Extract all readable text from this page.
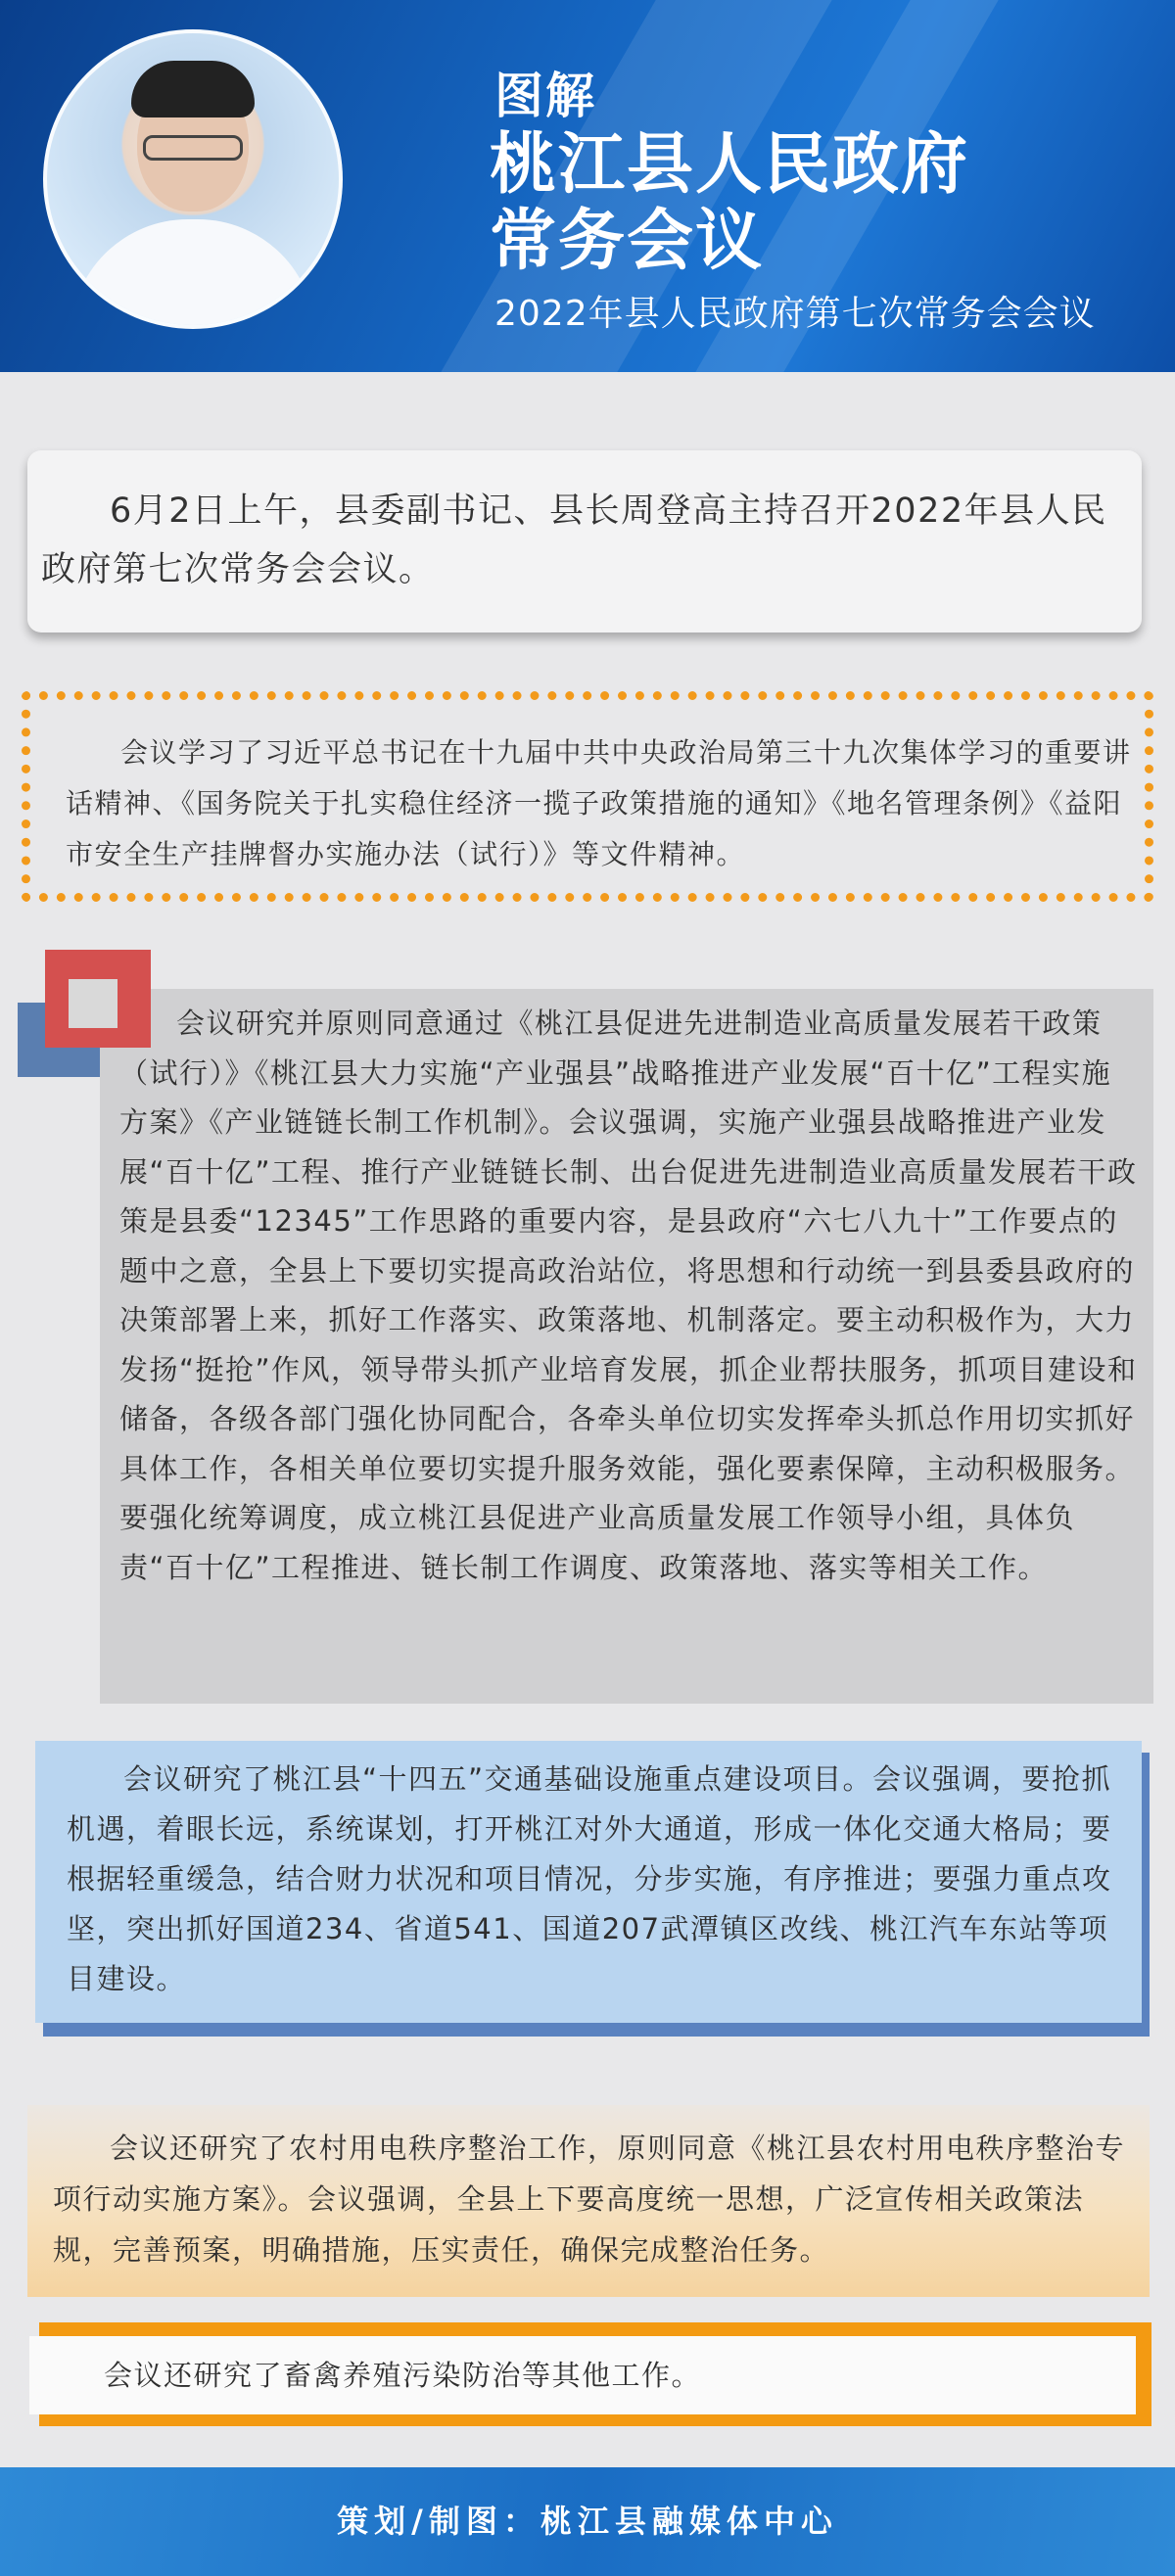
图解
桃江县人民政府
常务会议
2022年县人民政府第七次常务会会议

6月2日上午，县委副书记、县长周登高主持召开2022年县人民政府第七次常务会会议。

会议学习了习近平总书记在十九届中共中央政治局第三十九次集体学习的重要讲话精神、《国务院关于扎实稳住经济一揽子政策措施的通知》《地名管理条例》《益阳市安全生产挂牌督办实施办法（试行）》等文件精神。

会议研究并原则同意通过《桃江县促进先进制造业高质量发展若干政策（试行）》《桃江县大力实施“产业强县”战略推进产业发展“百十亿”工程实施方案》《产业链链长制工作机制》。会议强调，实施产业强县战略推进产业发展“百十亿”工程、推行产业链链长制、出台促进先进制造业高质量发展若干政策是县委“12345”工作思路的重要内容，是县政府“六七八九十”工作要点的题中之意，全县上下要切实提高政治站位，将思想和行动统一到县委县政府的决策部署上来，抓好工作落实、政策落地、机制落定。要主动积极作为，大力发扬“挺抢”作风，领导带头抓产业培育发展，抓企业帮扶服务，抓项目建设和储备，各级各部门强化协同配合，各牵头单位切实发挥牵头抓总作用切实抓好具体工作，各相关单位要切实提升服务效能，强化要素保障，主动积极服务。要强化统筹调度，成立桃江县促进产业高质量发展工作领导小组，具体负责“百十亿”工程推进、链长制工作调度、政策落地、落实等相关工作。

会议研究了桃江县“十四五”交通基础设施重点建设项目。会议强调，要抢抓机遇，着眼长远，系统谋划，打开桃江对外大通道，形成一体化交通大格局；要根据轻重缓急，结合财力状况和项目情况，分步实施，有序推进；要强力重点攻坚，突出抓好国道234、省道541、国道207武潭镇区改线、桃江汽车东站等项目建设。

会议还研究了农村用电秩序整治工作，原则同意《桃江县农村用电秩序整治专项行动实施方案》。会议强调，全县上下要高度统一思想，广泛宣传相关政策法规，完善预案，明确措施，压实责任，确保完成整治任务。

会议还研究了畜禽养殖污染防治等其他工作。

策划/制图：桃江县融媒体中心
